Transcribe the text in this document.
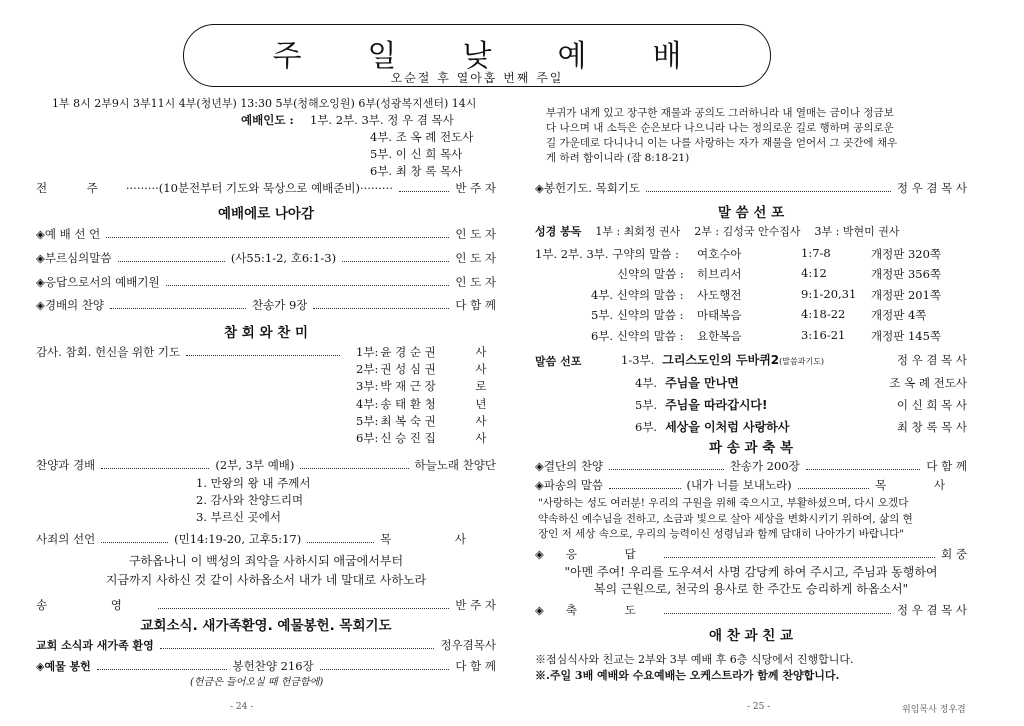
주 일 낮 예 배
오순절 후 열아홉 번째 주일
1부 8시 2부9시 3부11시 4부(청년부) 13:30 5부(청해오잉원) 6부(성광복지센터) 14시
예배인도 : 1부. 2부. 3부. 정 우 겸 목사
4부. 조 옥 례 전도사
5부. 이 신 희 목사
6부. 최 창 록 목사
전 주 ·········(10분전부터 기도와 묵상으로 예배준비)·········	반 주 자
예배에로 나아감
◈예 배 선 언	인 도 자
◈부르심의말씀	(사55:1-2, 호6:1-3)	인 도 자
◈응답으로서의 예배기원	인 도 자
◈경배의 찬양	찬송가 9장	다 함 께
참 회 와 찬 미
감사. 참회. 헌신을 위한 기도	1부 : 윤 경 순 권	사
2부 : 권 성 심 권	사
3부 : 박 재 근 장	로
4부 : 송 태 환 청	년
5부 : 최 복 숙 권	사
6부 : 신 승 진 집	사
찬양과 경배	(2부, 3부 예배)	하늘노래 찬양단
1. 만왕의 왕 내 주께서
2. 감사와 찬양드리며
3. 부르신 곳에서
사죄의 선언	(민14:19-20, 고후5:17)	목 사
구하옵나니 이 백성의 죄악을 사하시되 애굽에서부터
지금까지 사하신 것 같이 사하옵소서 내가 네 말대로 사하노라
송 영	반 주 자
교회소식. 새가족환영. 예물봉헌. 목회기도
교회 소식과 새가족 환영	정우겸목사
◈예물 봉헌	봉헌찬양 216장	다 함 께
(헌금은 들어오실 때 헌금함에)
- 24 -
부귀가 내게 있고 장구한 재물과 공의도 그러하니라 내 열매는 금이나 정금보
다 나으며 내 소득은 순은보다 나으니라 나는 정의로운 길로 행하며 공의로운
길 가운데로 다니나니 이는 나를 사랑하는 자가 재물을 얻어서 그 곳간에 채우
게 하려 함이니라 (잠 8:18-21)
◈봉헌기도. 목회기도	정 우 겸 목 사
말 씀 선 포
성경 봉독 1부 : 최회정 권사 2부 : 김성국 안수집사 3부 : 박현미 권사
1부. 2부. 3부. 구약의 말씀 :	여호수아	1:7-8	개정판 320쪽
신약의 말씀 :	히브리서	4:12	개정판 356쪽
4부. 신약의 말씀 :	사도행전	9:1-20,31	개정판 201쪽
5부. 신약의 말씀 :	마태복음	4:18-22	개정판 4쪽
6부. 신약의 말씀 :	요한복음	3:16-21	개정판 145쪽
말씀 선포	1-3부. 그리스도인의 두바퀴2 (말씀과기도)	정 우 겸 목 사
4부. 주님을 만나면	조 옥 례 전도사
5부. 주님을 따라갑시다!	이 신 희 목 사
6부. 세상을 이처럼 사랑하사	최 창 록 목 사
파 송 과 축 복
◈결단의 찬양	찬송가 200장	다 함 께
◈파송의 말씀	(내가 너를 보내노라)	목 사
"사랑하는 성도 여러분! 우리의 구원을 위해 죽으시고, 부활하셨으며, 다시 오겠다
약속하신 예수님을 전하고, 소금과 빛으로 살아 세상을 변화시키기 위하여, 삶의 현
장인 저 세상 속으로, 우리의 능력이신 성령님과 함께 담대히 나아가기 바랍니다"
◈응 답	회 중
"아멘 주여! 우리를 도우셔서 사명 감당케 하여 주시고, 주님과 동행하여
복의 근원으로, 천국의 용사로 한 주간도 승리하게 하옵소서"
◈축 도	정 우 겸 목 사
애 찬 과 친 교
※점심식사와 친교는 2부와 3부 예배 후 6층 식당에서 진행합니다.
※.주일 3배 예배와 수요예배는 오케스트라가 함께 찬양합니다.
- 25 -	위임목사 정우겸
